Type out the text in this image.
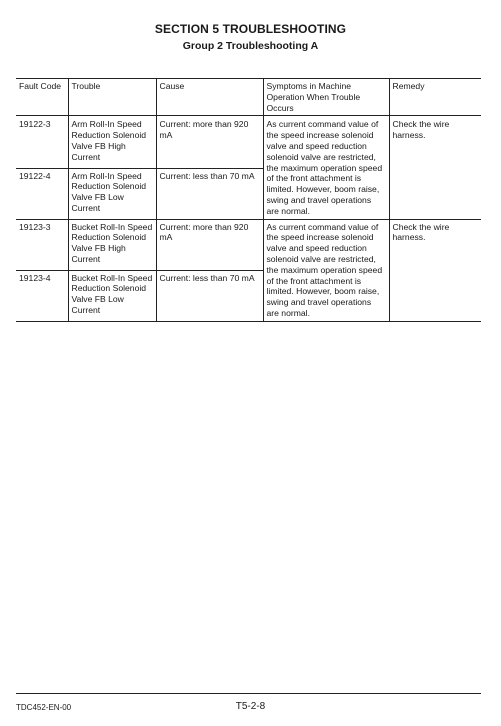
SECTION 5 TROUBLESHOOTING
Group 2 Troubleshooting A
Fault Code	Trouble	Cause	Symptoms in Machine Operation When Trouble Occurs	Remedy
19122-3	Arm Roll-In Speed Reduction Solenoid Valve FB High Current	Current: more than 920 mA	As current command value of the speed increase solenoid valve and speed reduction solenoid valve are restricted, the maximum operation speed of the front attachment is limited. However, boom raise, swing and travel operations are normal.	Check the wire harness.
19122-4	Arm Roll-In Speed Reduction Solenoid Valve FB Low Current	Current: less than 70 mA		
19123-3	Bucket Roll-In Speed Reduction Solenoid Valve FB High Current	Current: more than 920 mA	As current command value of the speed increase solenoid valve and speed reduction solenoid valve are restricted, the maximum operation speed of the front attachment is limited. However, boom raise, swing and travel operations are normal.	Check the wire harness.
19123-4	Bucket Roll-In Speed Reduction Solenoid Valve FB Low Current	Current: less than 70 mA		
TDC452-EN-00	T5-2-8
